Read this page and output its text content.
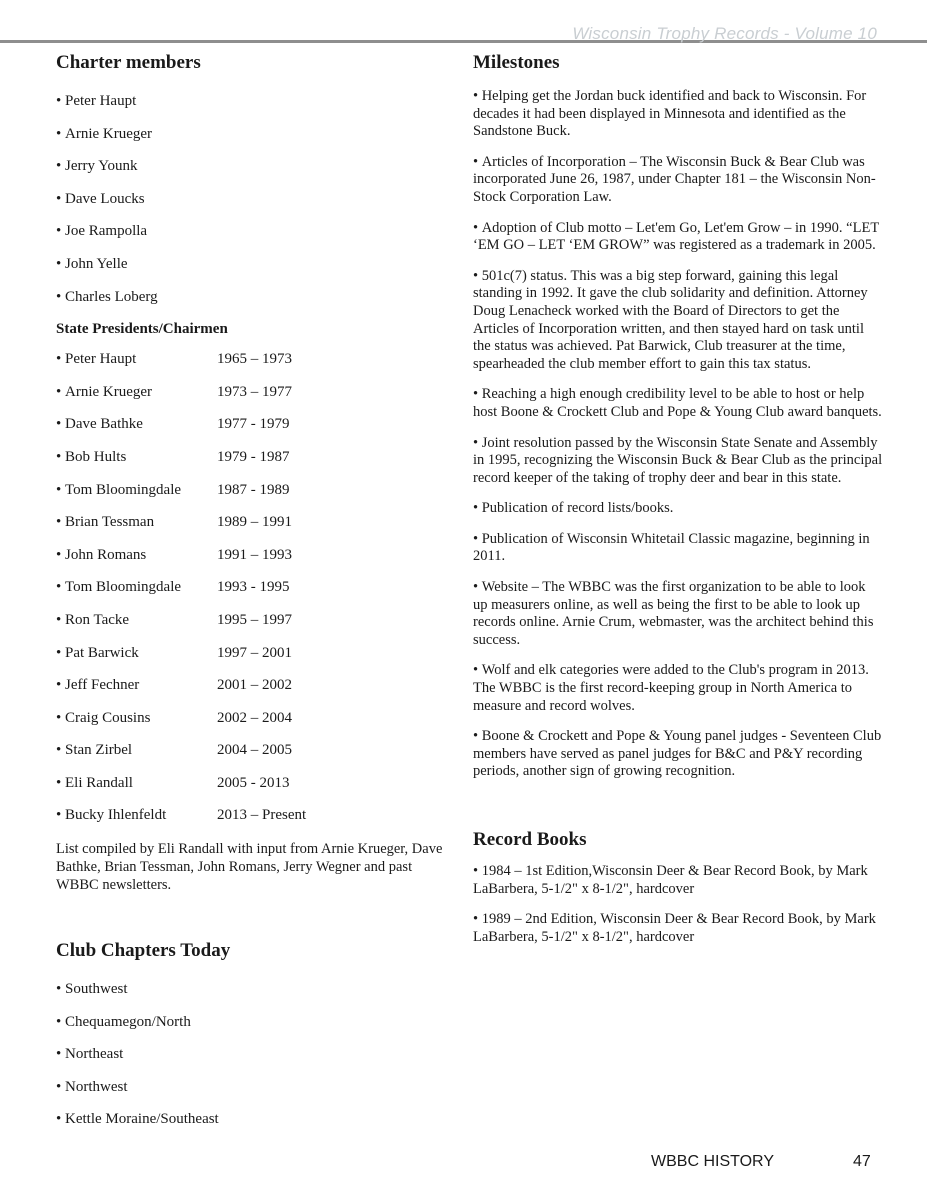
Wisconsin Trophy Records - Volume 10
Charter members
• Peter Haupt
• Arnie Krueger
• Jerry Younk
• Dave Loucks
• Joe Rampolla
• John Yelle
• Charles Loberg
State Presidents/Chairmen
• Peter Haupt	1965 – 1973
• Arnie Krueger	1973 – 1977
• Dave Bathke	1977 - 1979
• Bob Hults	1979 - 1987
• Tom Bloomingdale	1987 - 1989
• Brian Tessman	1989 – 1991
• John Romans	1991 – 1993
• Tom Bloomingdale	1993 - 1995
• Ron Tacke	1995 – 1997
• Pat Barwick	1997 – 2001
• Jeff Fechner	2001 – 2002
• Craig Cousins	2002 – 2004
• Stan Zirbel	2004 – 2005
• Eli Randall	2005 - 2013
• Bucky Ihlenfeldt	2013 – Present

List compiled by Eli Randall with input from Arnie Krueger, Dave Bathke, Brian Tessman, John Romans, Jerry Wegner and past WBBC newsletters.

Club Chapters Today
• Southwest
• Chequamegon/North
• Northeast
• Northwest
• Kettle Moraine/Southeast
Milestones

• Helping get the Jordan buck identified and back to Wisconsin. For decades it had been displayed in Minnesota and identified as the Sandstone Buck.

• Articles of Incorporation – The Wisconsin Buck & Bear Club was incorporated June 26, 1987, under Chapter 181 – the Wisconsin Non-Stock Corporation Law.

• Adoption of Club motto – Let'em Go, Let'em Grow – in 1990. “LET ‘EM GO – LET ‘EM GROW” was registered as a trademark in 2005.

• 501c(7) status. This was a big step forward, gaining this legal standing in 1992. It gave the club solidarity and definition. Attorney Doug Lenacheck worked with the Board of Directors to get the Articles of Incorporation written, and then stayed hard on task until the status was achieved. Pat Barwick, Club treasurer at the time, spearheaded the club member effort to gain this tax status.

• Reaching a high enough credibility level to be able to host or help host Boone & Crockett Club and Pope & Young Club award banquets.

• Joint resolution passed by the Wisconsin State Senate and Assembly in 1995, recognizing the Wisconsin Buck & Bear Club as the principal record keeper of the taking of trophy deer and bear in this state.

• Publication of record lists/books.

• Publication of Wisconsin Whitetail Classic magazine, beginning in 2011.

• Website – The WBBC was the first organization to be able to look up measurers online, as well as being the first to be able to look up records online. Arnie Crum, webmaster, was the architect behind this success.

• Wolf and elk categories were added to the Club's program in 2013. The WBBC is the first record-keeping group in North America to measure and record wolves.

• Boone & Crockett and Pope & Young panel judges - Seventeen Club members have served as panel judges for B&C and P&Y recording periods, another sign of growing recognition.

Record Books

• 1984 – 1st Edition,Wisconsin Deer & Bear Record Book, by Mark LaBarbera, 5-1/2" x 8-1/2", hardcover

• 1989 – 2nd Edition, Wisconsin Deer & Bear Record Book, by Mark LaBarbera, 5-1/2" x 8-1/2", hardcover

WBBC HISTORY	47
